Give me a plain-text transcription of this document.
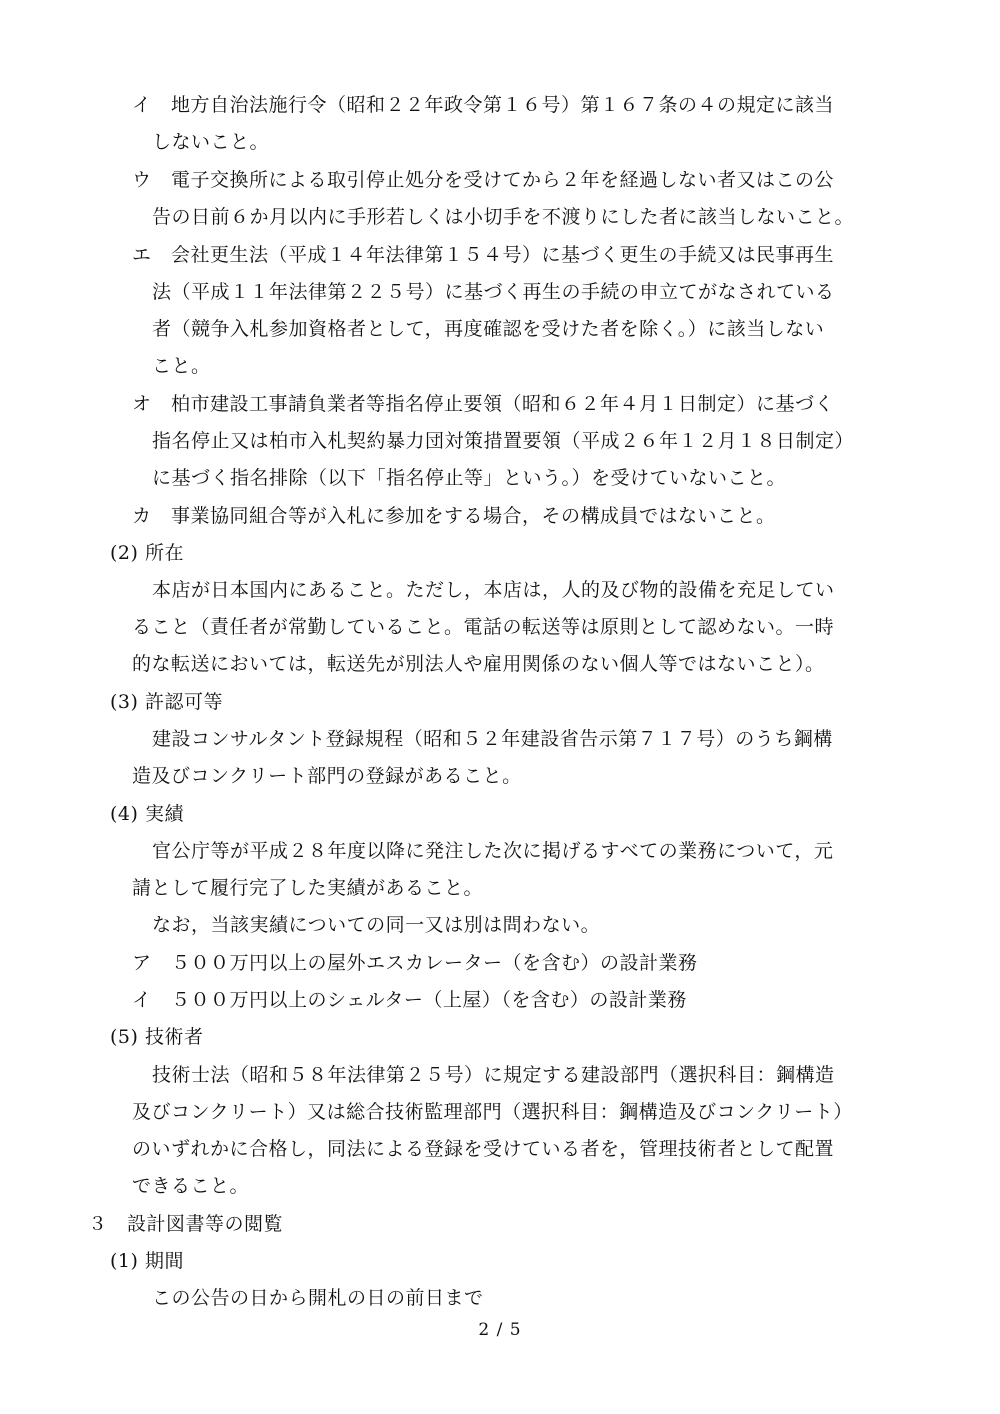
イ　地方自治法施行令（昭和２２年政令第１６号）第１６７条の４の規定に該当
しないこと。
ウ　電子交換所による取引停止処分を受けてから２年を経過しない者又はこの公
告の日前６か月以内に手形若しくは小切手を不渡りにした者に該当しないこと。
エ　会社更生法（平成１４年法律第１５４号）に基づく更生の手続又は民事再生
法（平成１１年法律第２２５号）に基づく再生の手続の申立てがなされている
者（競争入札参加資格者として，再度確認を受けた者を除く。）に該当しない
こと。
オ　柏市建設工事請負業者等指名停止要領（昭和６２年４月１日制定）に基づく
指名停止又は柏市入札契約暴力団対策措置要領（平成２６年１２月１８日制定）
に基づく指名排除（以下「指名停止等」という。）を受けていないこと。
カ　事業協同組合等が入札に参加をする場合，その構成員ではないこと。
(2) 所在
本店が日本国内にあること。ただし，本店は，人的及び物的設備を充足してい
ること（責任者が常勤していること。電話の転送等は原則として認めない。一時
的な転送においては，転送先が別法人や雇用関係のない個人等ではないこと）。
(3) 許認可等
建設コンサルタント登録規程（昭和５２年建設省告示第７１７号）のうち鋼構
造及びコンクリート部門の登録があること。
(4) 実績
官公庁等が平成２８年度以降に発注した次に掲げるすべての業務について，元
請として履行完了した実績があること。
なお，当該実績についての同一又は別は問わない。
ア　５００万円以上の屋外エスカレーター（を含む）の設計業務
イ　５００万円以上のシェルター（上屋）（を含む）の設計業務
(5) 技術者
技術士法（昭和５８年法律第２５号）に規定する建設部門（選択科目：鋼構造
及びコンクリート）又は総合技術監理部門（選択科目：鋼構造及びコンクリート）
のいずれかに合格し，同法による登録を受けている者を，管理技術者として配置
できること。
３　設計図書等の閲覧
(1) 期間
この公告の日から開札の日の前日まで
2 / 5
